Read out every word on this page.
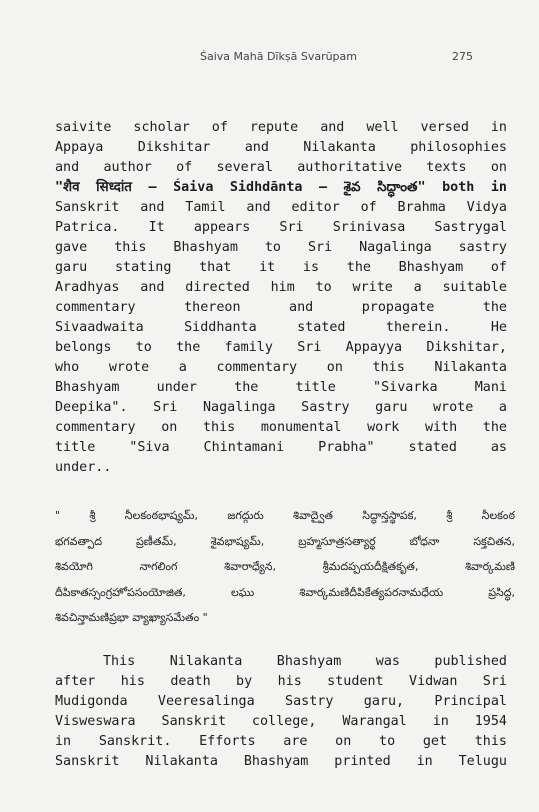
Śaiva Mahā Dīkṣā Svarūpam	275
saivite scholar of repute and well versed in
Appaya Dikshitar and Nilakanta philosophies
and author of several authoritative texts on
"शैव सिध्दांत – Śaiva Sidhdānta – శైవ సిద్ధాంత" both in
Sanskrit and Tamil and editor of Brahma Vidya
Patrica. It appears Sri Srinivasa Sastrygal
gave this Bhashyam to Sri Nagalinga sastry
garu stating that it is the Bhashyam of
Aradhyas and directed him to write a suitable
commentary thereon and propagate the
Sivaadwaita Siddhanta stated therein. He
belongs to the family Sri Appayya Dikshitar,
who wrote a commentary on this Nilakanta
Bhashyam under the title "Sivarka Mani
Deepika". Sri Nagalinga Sastry garu wrote a
commentary on this monumental work with the
title "Siva Chintamani Prabha" stated as
under..
" శ్రీ నీలకంఠభాష్యమ్, జగద్గురు శివాద్వైత సిద్ధాన్తస్థాపక, శ్రీ నీలకంఠ
భగవత్పాద ప్రణీతమ్, శైవభాష్యమ్, బ్రహ్మసూత్రసత్యార్థ బోధనా సక్తచితన,
శివయోగి నాగలింగ శివారాధ్యేన, శ్రీమదప్పయదీక్షితకృత, శివార్కమణి
దీపికాతస్సంగ్రహోపసంయోజిత, లఘు శివార్కమణిదీపికేత్యపరనామధేయ ప్రసిద్ధ,
శివచిన్తామణిప్రభా వ్యాఖ్యాసమేతం "
This Nilakanta Bhashyam was published
after his death by his student Vidwan Sri
Mudigonda Veeresalinga Sastry garu, Principal
Visweswara Sanskrit college, Warangal in 1954
in Sanskrit. Efforts are on to get this
Sanskrit Nilakanta Bhashyam printed in Telugu
